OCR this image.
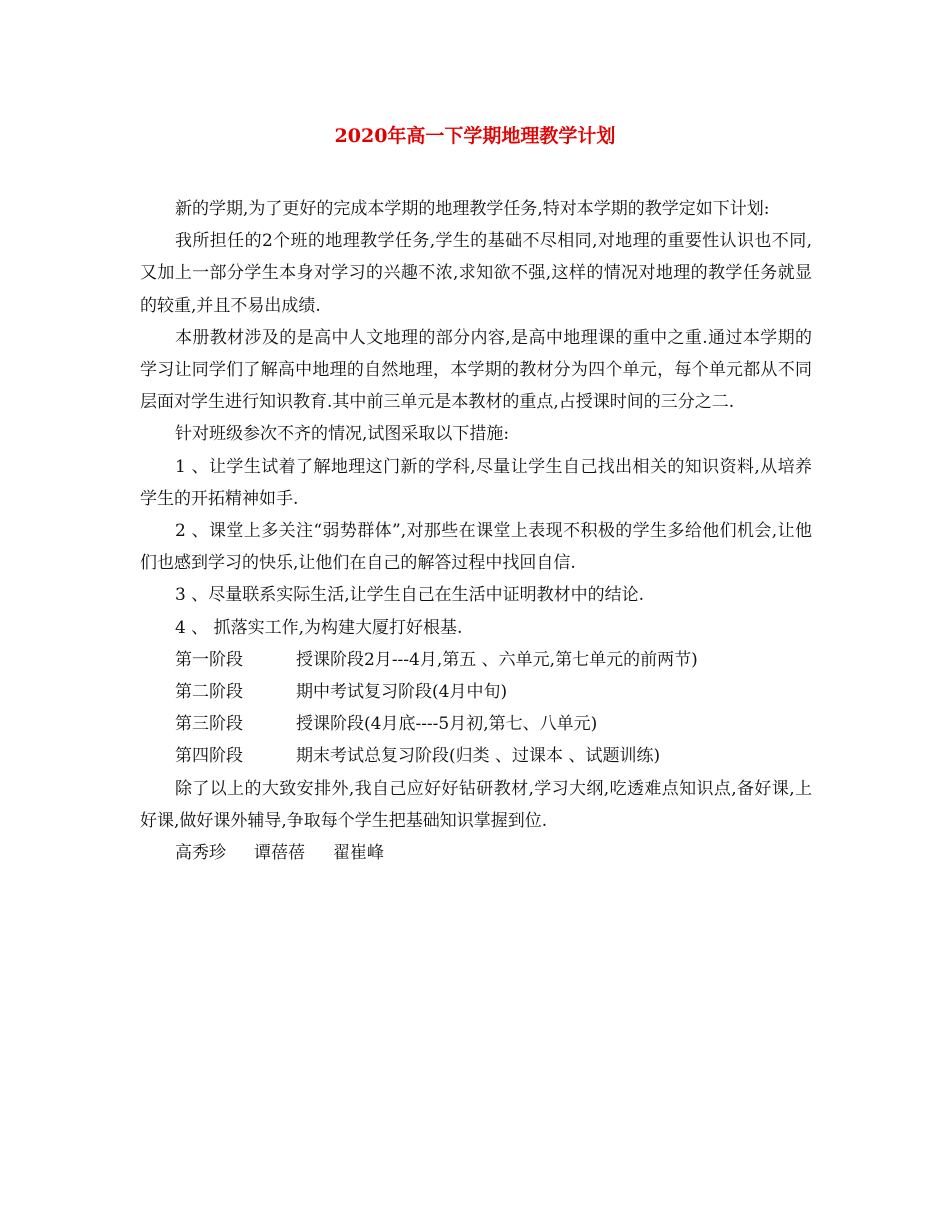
2020年高一下学期地理教学计划

新的学期,为了更好的完成本学期的地理教学任务,特对本学期的教学定如下计划:

我所担任的2个班的地理教学任务,学生的基础不尽相同,对地理的重要性认识也不同,又加上一部分学生本身对学习的兴趣不浓,求知欲不强,这样的情况对地理的教学任务就显的较重,并且不易出成绩.

本册教材涉及的是高中人文地理的部分内容,是高中地理课的重中之重.通过本学期的学习让同学们了解高中地理的自然地理，本学期的教材分为四个单元，每个单元都从不同层面对学生进行知识教育.其中前三单元是本教材的重点,占授课时间的三分之二.

针对班级参次不齐的情况,试图采取以下措施:

1 、让学生试着了解地理这门新的学科,尽量让学生自己找出相关的知识资料,从培养学生的开拓精神如手.

2 、课堂上多关注“弱势群体”,对那些在课堂上表现不积极的学生多给他们机会,让他们也感到学习的快乐,让他们在自己的解答过程中找回自信.

3 、尽量联系实际生活,让学生自己在生活中证明教材中的结论.

4 、 抓落实工作,为构建大厦打好根基.

第一阶段	授课阶段2月---4月,第五 、六单元,第七单元的前两节)
第二阶段	期中考试复习阶段(4月中旬)
第三阶段	授课阶段(4月底----5月初,第七、八单元)
第四阶段	期末考试总复习阶段(归类 、过课本 、试题训练)

除了以上的大致安排外,我自己应好好钻研教材,学习大纲,吃透难点知识点,备好课,上好课,做好课外辅导,争取每个学生把基础知识掌握到位.

高秀珍 谭蓓蓓 翟崔峰
